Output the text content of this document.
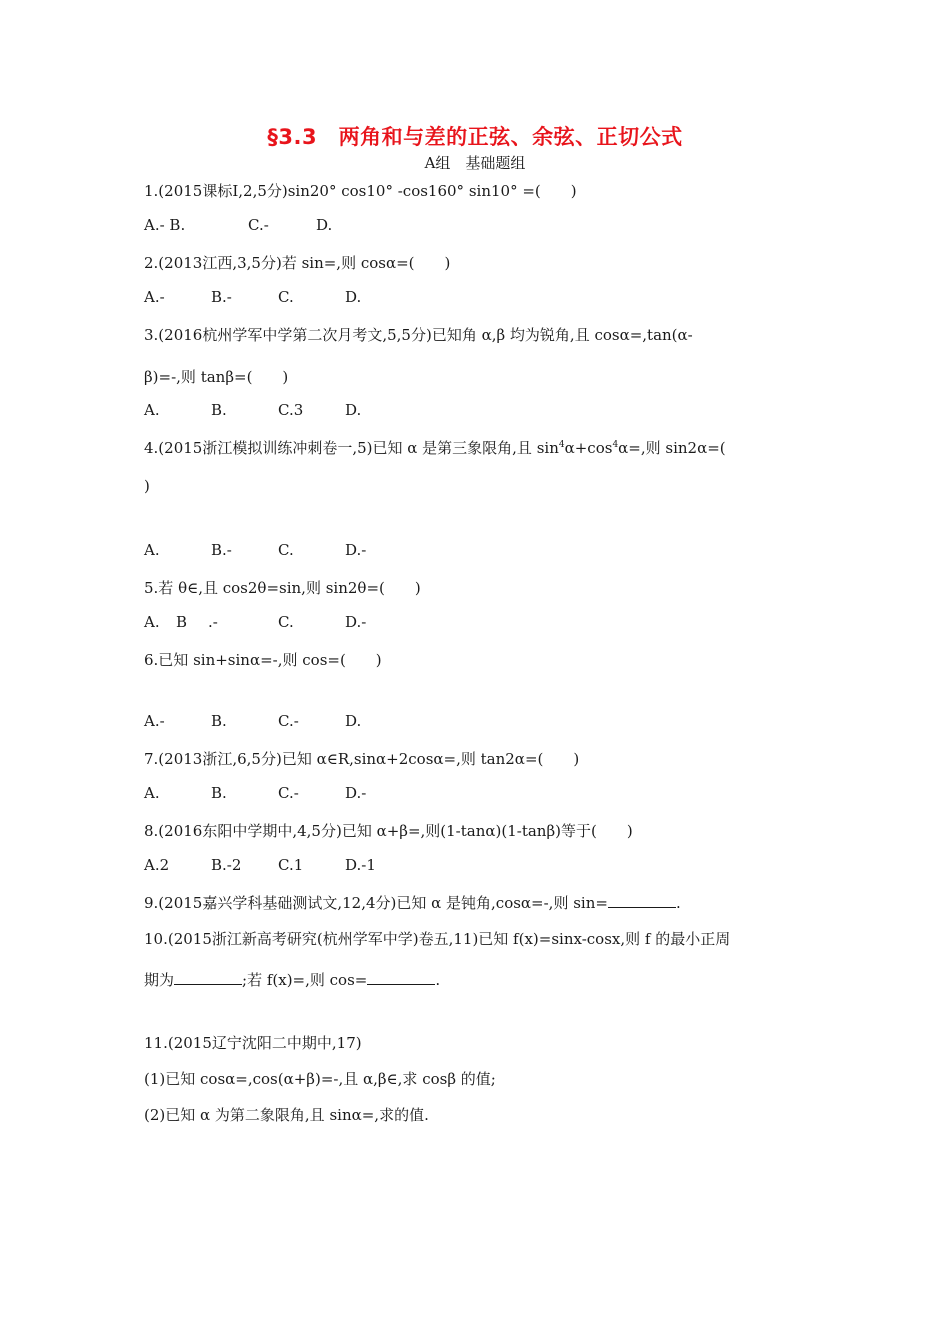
§3.3　两角和与差的正弦、余弦、正切公式
A组　基础题组
1.(2015课标Ⅰ,2,5分)sin20° cos10° -cos160° sin10° =(　　)
A.- B.	C.-	D.
2.(2013江西,3,5分)若 sin=,则 cosα=(　　)
A.-	B.-	C.	D.
3.(2016杭州学军中学第二次月考文,5,5分)已知角 α,β 均为锐角,且 cosα=,tan(α-
β)=-,则 tanβ=(　　)
A.	B.	C.3	D.
4.(2015浙江模拟训练冲刺卷一,5)已知 α 是第三象限角,且 $\sin^4\alpha+\cos^4\alpha=$,则 sin2α=(
)
A.	B.-	C.	D.-
5.若 θ∈,且 cos2θ=sin,则 sin2θ=(　　)
A. B .-	C.	D.-
6.已知 sin+sinα=-,则 cos=(　　)
A.-	B.	C.-	D.
7.(2013浙江,6,5分)已知 α∈R,sinα+2cosα=,则 tan2α=(　　)
A.	B.	C.-	D.-
8.(2016东阳中学期中,4,5分)已知 α+β=,则(1-tanα)(1-tanβ)等于(　　)
A.2	B.-2 C.1	D.-1
9.(2015嘉兴学科基础测试文,12,4分)已知 α 是钝角,cosα=-,则 sin=	.
10.(2015浙江新高考研究(杭州学军中学)卷五,11)已知 f(x)=sinx-cosx,则 f 的最小正周
期为	;若 f(x)=,则 cos=	.
11.(2015辽宁沈阳二中期中,17)
(1)已知 cosα=,cos(α+β)=-,且 α,β∈,求 cosβ 的值;
(2)已知 α 为第二象限角,且 sinα=,求的值.
